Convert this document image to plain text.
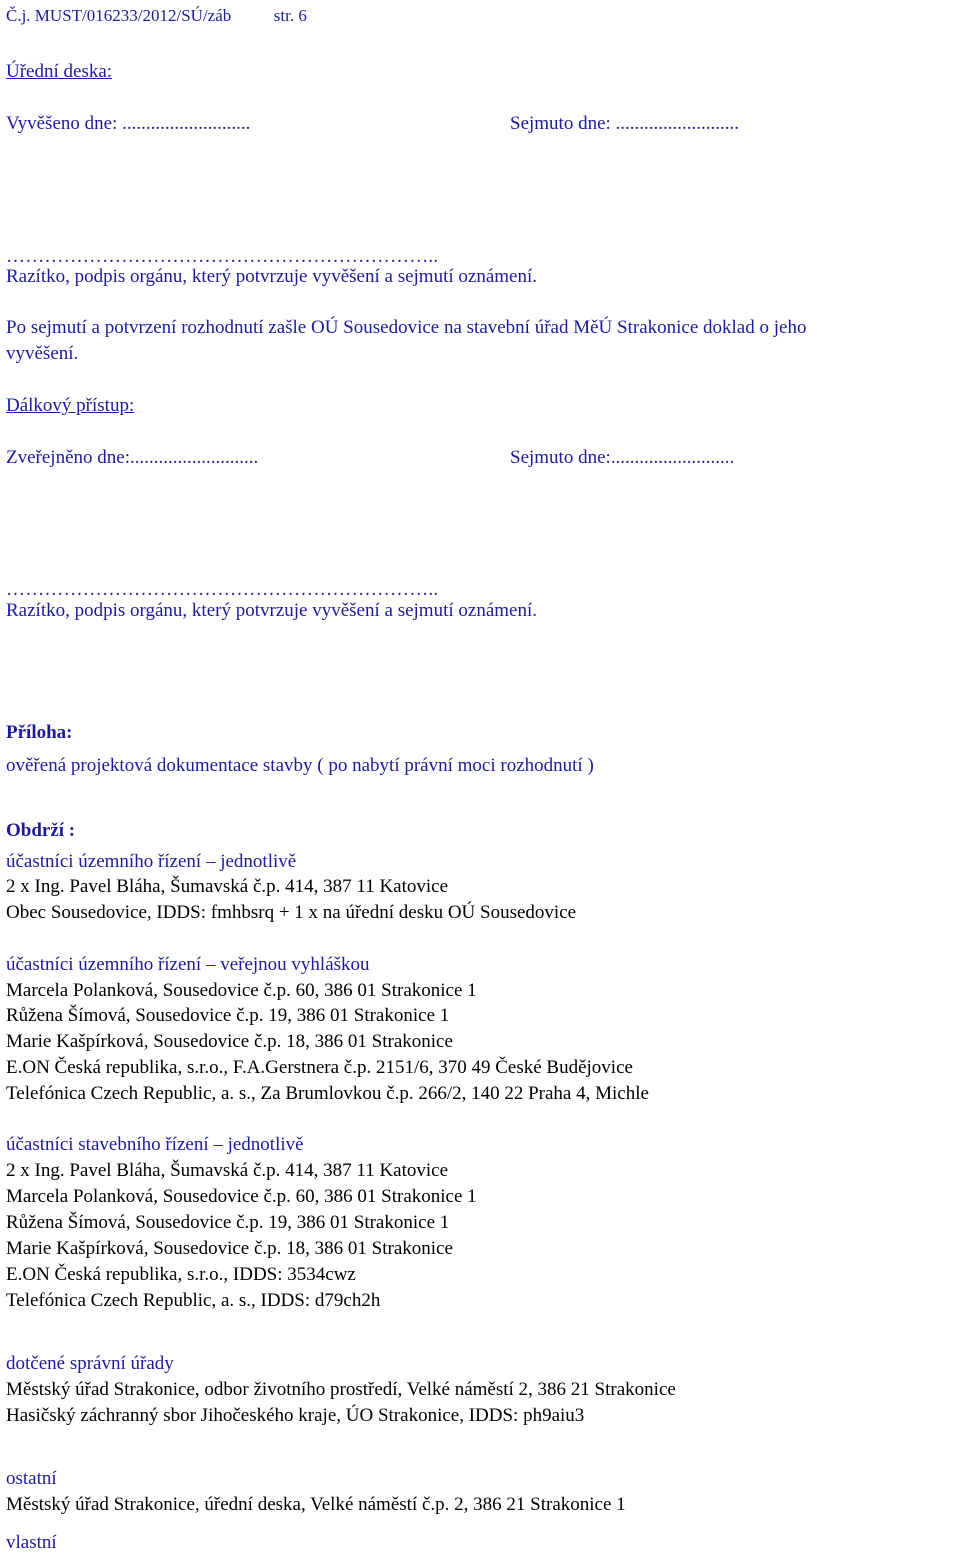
Č.j. MUST/016233/2012/SÚ/záb	str. 6
Úřední deska:
Vyvěšeno dne: ...........................	Sejmuto dne: ..........................
…………………………………………………………..
Razítko, podpis orgánu, který potvrzuje vyvěšení a sejmutí oznámení.
Po sejmutí a potvrzení rozhodnutí zašle OÚ Sousedovice na stavební úřad MěÚ Strakonice doklad o jeho
vyvěšení.
Dálkový přístup:
Zveřejněno dne:...........................	Sejmuto dne:..........................
…………………………………………………………..
Razítko, podpis orgánu, který potvrzuje vyvěšení a sejmutí oznámení.
Příloha:
ověřená projektová dokumentace stavby ( po nabytí právní moci rozhodnutí )
Obdrží :
účastníci územního řízení – jednotlivě
2 x Ing. Pavel Bláha, Šumavská č.p. 414, 387 11 Katovice
Obec Sousedovice, IDDS: fmhbsrq + 1 x na úřední desku OÚ Sousedovice
účastníci územního řízení – veřejnou vyhláškou
Marcela Polanková, Sousedovice č.p. 60, 386 01 Strakonice 1
Růžena Šímová, Sousedovice č.p. 19, 386 01 Strakonice 1
Marie Kašpírková, Sousedovice č.p. 18, 386 01 Strakonice
E.ON Česká republika, s.r.o., F.A.Gerstnera č.p. 2151/6, 370 49 České Budějovice
Telefónica Czech Republic, a. s., Za Brumlovkou č.p. 266/2, 140 22 Praha 4, Michle
účastníci stavebního řízení – jednotlivě
2 x Ing. Pavel Bláha, Šumavská č.p. 414, 387 11 Katovice
Marcela Polanková, Sousedovice č.p. 60, 386 01 Strakonice 1
Růžena Šímová, Sousedovice č.p. 19, 386 01 Strakonice 1
Marie Kašpírková, Sousedovice č.p. 18, 386 01 Strakonice
E.ON Česká republika, s.r.o., IDDS: 3534cwz
Telefónica Czech Republic, a. s., IDDS: d79ch2h
dotčené správní úřady
Městský úřad Strakonice, odbor životního prostředí, Velké náměstí 2, 386 21 Strakonice
Hasičský záchranný sbor Jihočeského kraje, ÚO Strakonice, IDDS: ph9aiu3
ostatní
Městský úřad Strakonice, úřední deska, Velké náměstí č.p. 2, 386 21 Strakonice 1
vlastní
